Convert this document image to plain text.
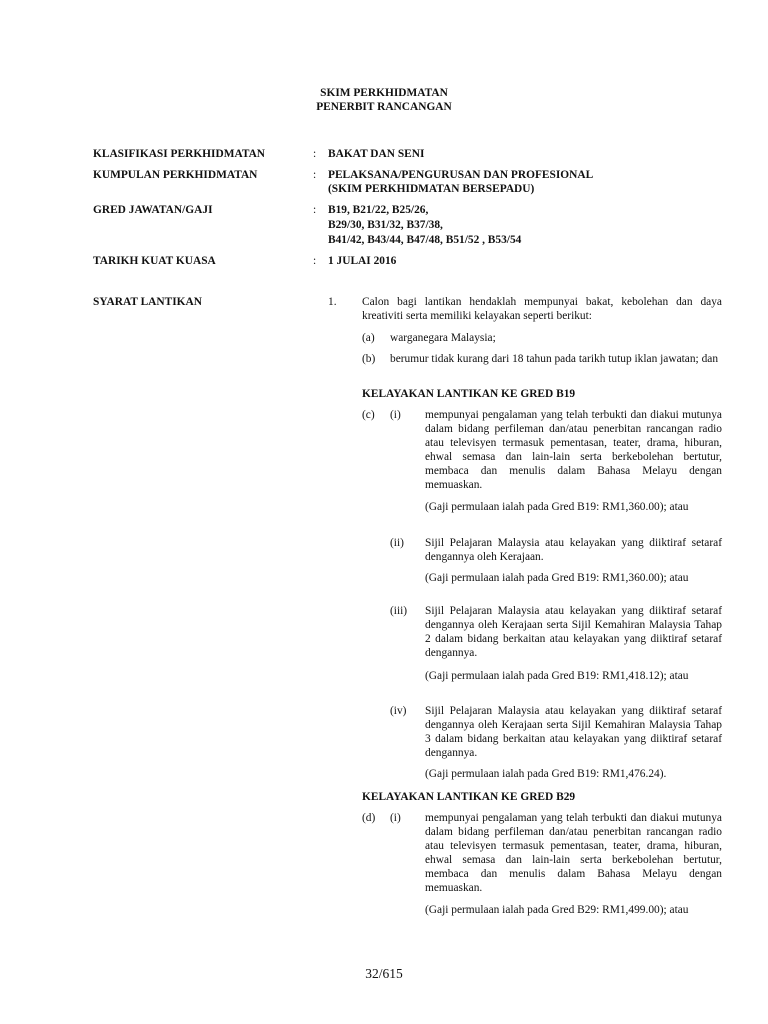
SKIM PERKHIDMATAN
PENERBIT RANCANGAN
KLASIFIKASI PERKHIDMATAN	: BAKAT DAN SENI
KUMPULAN PERKHIDMATAN	: PELAKSANA/PENGURUSAN DAN PROFESIONAL
(SKIM PERKHIDMATAN BERSEPADU)
GRED JAWATAN/GAJI	: B19, B21/22, B25/26,
B29/30, B31/32, B37/38,
B41/42, B43/44, B47/48, B51/52 , B53/54
TARIKH KUAT KUASA	: 1 JULAI 2016
SYARAT LANTIKAN	1. Calon bagi lantikan hendaklah mempunyai bakat, kebolehan dan daya kreativiti serta memiliki kelayakan seperti berikut:
(a) warganegara Malaysia;
(b) berumur tidak kurang dari 18 tahun pada tarikh tutup iklan jawatan; dan
KELAYAKAN LANTIKAN KE GRED B19
(c) (i) mempunyai pengalaman yang telah terbukti dan diakui mutunya dalam bidang perfileman dan/atau penerbitan rancangan radio atau televisyen termasuk pementasan, teater, drama, hiburan, ehwal semasa dan lain-lain serta berkebolehan bertutur, membaca dan menulis dalam Bahasa Melayu dengan memuaskan.
(Gaji permulaan ialah pada Gred B19: RM1,360.00); atau
(ii) Sijil Pelajaran Malaysia atau kelayakan yang diiktiraf setaraf dengannya oleh Kerajaan.
(Gaji permulaan ialah pada Gred B19: RM1,360.00); atau
(iii) Sijil Pelajaran Malaysia atau kelayakan yang diiktiraf setaraf dengannya oleh Kerajaan serta Sijil Kemahiran Malaysia Tahap 2 dalam bidang berkaitan atau kelayakan yang diiktiraf setaraf dengannya.
(Gaji permulaan ialah pada Gred B19: RM1,418.12); atau
(iv) Sijil Pelajaran Malaysia atau kelayakan yang diiktiraf setaraf dengannya oleh Kerajaan serta Sijil Kemahiran Malaysia Tahap 3 dalam bidang berkaitan atau kelayakan yang diiktiraf setaraf dengannya.
(Gaji permulaan ialah pada Gred B19: RM1,476.24).
KELAYAKAN LANTIKAN KE GRED B29
(d) (i) mempunyai pengalaman yang telah terbukti dan diakui mutunya dalam bidang perfileman dan/atau penerbitan rancangan radio atau televisyen termasuk pementasan, teater, drama, hiburan, ehwal semasa dan lain-lain serta berkebolehan bertutur, membaca dan menulis dalam Bahasa Melayu dengan memuaskan.
(Gaji permulaan ialah pada Gred B29: RM1,499.00); atau
32/615
